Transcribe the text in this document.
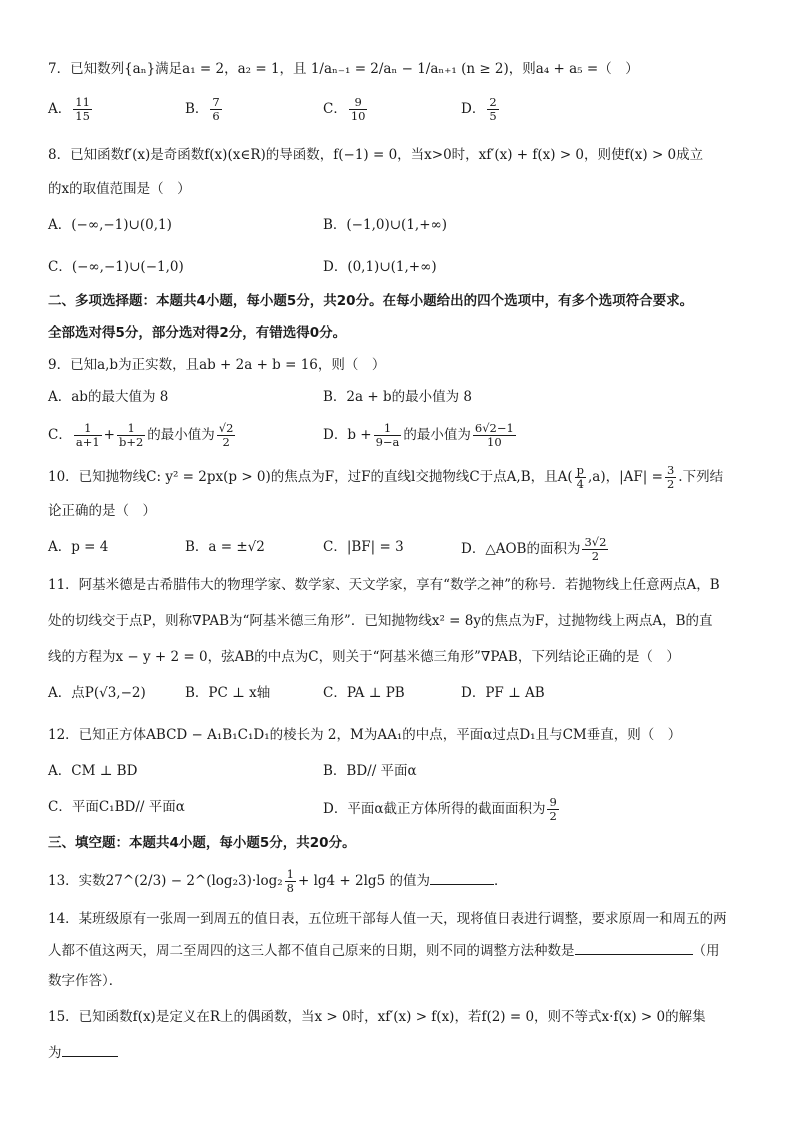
7．已知数列{aₙ}满足a₁ = 2，a₂ = 1，且 1/aₙ₋₁ = 2/aₙ − 1/aₙ₊₁ (n ≥ 2)，则a₄ + a₅ =（　）
A． $\frac{11}{15}$	B． $\frac{7}{6}$	C． $\frac{9}{10}$	D． $\frac{2}{5}$
8．已知函数f′(x)是奇函数f(x)(x∈R)的导函数，f(−1) = 0，当x>0时，xf′(x) + f(x) > 0，则使f(x) > 0成立
的x的取值范围是（　）
A．(−∞,−1)∪(0,1)	B．(−1,0)∪(1,+∞)
C．(−∞,−1)∪(−1,0)	D．(0,1)∪(1,+∞)
二、多项选择题：本题共4小题，每小题5分，共20分。在每小题给出的四个选项中，有多个选项符合要求。
全部选对得5分，部分选对得2分，有错选得0分。
9．已知a,b为正实数，且ab + 2a + b = 16，则（　）
A．ab的最大值为 8	B．2a + b的最小值为 8
C． $\frac{1}{a+1} + \frac{1}{b+2}$ 的最小值为 $\frac{√2}{2}$	D．$b + \frac{1}{9-a}$ 的最小值为 $\frac{6√2-1}{10}$
10．已知抛物线C: y² = 2px(p > 0)的焦点为F，过F的直线l交抛物线C于点A,B，且$A( \frac{p}{4} ,a)$，$|AF| = \frac{3}{2}$ .下列结
论正确的是（　）
A．p = 4	B．a = ±√2	C．|BF| = 3	D．△AOB的面积为 $\frac{3√2}{2}$
11．阿基米德是古希腊伟大的物理学家、数学家、天文学家，享有“数学之神”的称号．若抛物线上任意两点A，B
处的切线交于点P，则称∇PAB为“阿基米德三角形”．已知抛物线x² = 8y的焦点为F，过抛物线上两点A，B的直
线的方程为x − y + 2 = 0，弦AB的中点为C，则关于“阿基米德三角形”∇PAB，下列结论正确的是（　）
A．点P(√3,−2)	B．PC ⊥ x轴	C．PA ⊥ PB	D．PF ⊥ AB
12．已知正方体ABCD − A₁B₁C₁D₁的棱长为 2，M为AA₁的中点，平面α过点D₁且与CM垂直，则（　）
A．CM ⊥ BD	B．BD// 平面α
C．平面C₁BD// 平面α	D．平面α截正方体所得的截面面积为 $\frac{9}{2}$
三、填空题：本题共4小题，每小题5分，共20分。
13．实数27^(2/3) − 2^(log₂3)·log₂ $\frac{1}{8} + \lg 4 + 2\lg 5$ 的值为	．
14．某班级原有一张周一到周五的值日表，五位班干部每人值一天，现将值日表进行调整，要求原周一和周五的两
人都不值这两天，周二至周四的这三人都不值自己原来的日期，则不同的调整方法种数是	（用
数字作答）．
15．已知函数f(x)是定义在R上的偶函数，当x > 0时，xf′(x) > f(x)，若f(2) = 0，则不等式x·f(x) > 0的解集
为
